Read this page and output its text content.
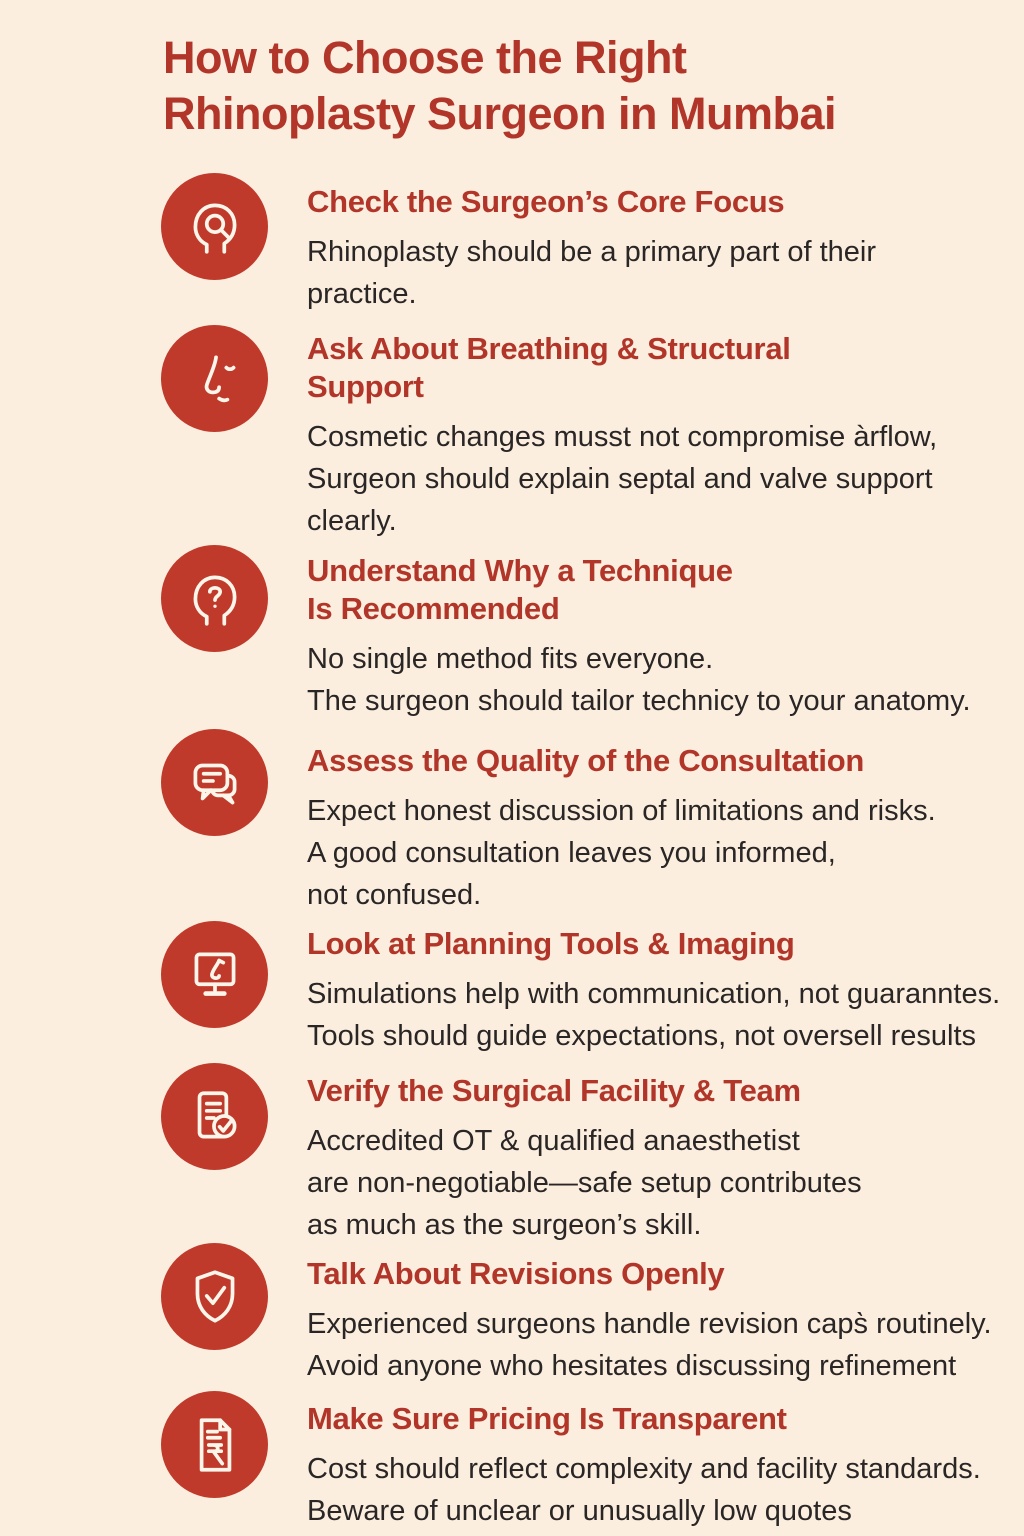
How to Choose the Right
Rhinoplasty Surgeon in Mumbai
Check the Surgeon’s Core Focus

Rhinoplasty should be a primary part of their
practice.

Ask About Breathing & Structural
Support

Cosmetic changes musst not compromise àrflow,
Surgeon should explain septal and valve support
clearly.

Understand Why a Technique
Is Recommended

No single method fits everyone.
The surgeon should tailor technicy to your anatomy.

Assess the Quality of the Consultation

Expect honest discussion of limitations and risks.
A good consultation leaves you informed,
not confused.

Look at Planning Tools & Imaging

Simulations help with communication, not guaranntes.
Tools should guide expectations, not oversell results

Verify the Surgical Facility & Team

Accredited OT & qualified anaesthetist
are non-negotiable—safe setup contributes
as much as the surgeon’s skill.

Talk About Revisions Openly

Experienced surgeons handle revision caps̀ routinely.
Avoid anyone who hesitates discussing refinement

Make Sure Pricing Is Transparent

Cost should reflect complexity and facility standards.
Beware of unclear or unusually low quotes
